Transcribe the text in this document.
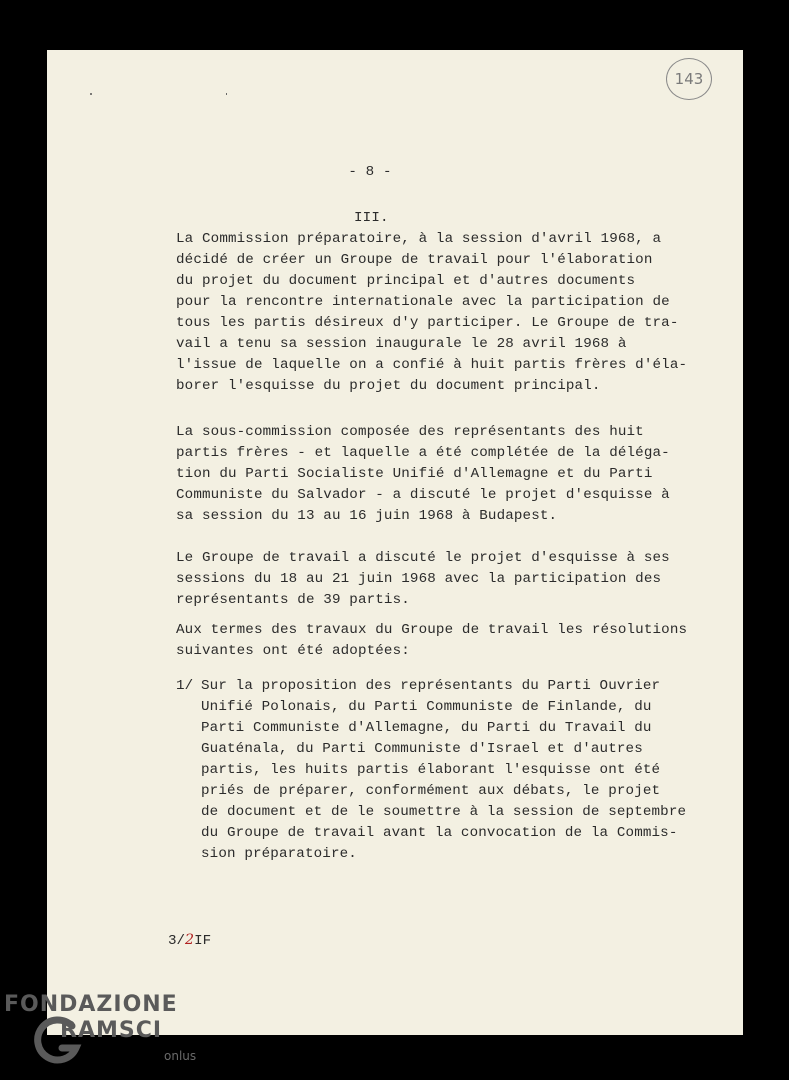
143
- 8 -
III.
La Commission préparatoire, à la session d'avril 1968, a
décidé de créer un Groupe de travail pour l'élaboration
du projet du document principal et d'autres documents
pour la rencontre internationale avec la participation de
tous les partis désireux d'y participer. Le Groupe de tra-
vail a tenu sa session inaugurale le 28 avril 1968 à
l'issue de laquelle on a confié à huit partis frères d'éla-
borer l'esquisse du projet du document principal.
La sous-commission composée des représentants des huit
partis frères - et laquelle a été complétée de la déléga-
tion du Parti Socialiste Unifié d'Allemagne et du Parti
Communiste du Salvador - a discuté le projet d'esquisse à
sa session du 13 au 16 juin 1968 à Budapest.
Le Groupe de travail a discuté le projet d'esquisse à ses
sessions du 18 au 21 juin 1968 avec la participation des
représentants de 39 partis.
Aux termes des travaux du Groupe de travail les résolutions
suivantes ont été adoptées:
1/ Sur la proposition des représentants du Parti Ouvrier
Unifié Polonais, du Parti Communiste de Finlande, du
Parti Communiste d'Allemagne, du Parti du Travail du
Guaténala, du Parti Communiste d'Israel et d'autres
partis, les huits partis élaborant l'esquisse ont été
priés de préparer, conformément aux débats, le projet
de document et de le soumettre à la session de septembre
du Groupe de travail avant la convocation de la Commis-
sion préparatoire.
3/2IF
FONDAZIONE
RAMSCI
onlus
